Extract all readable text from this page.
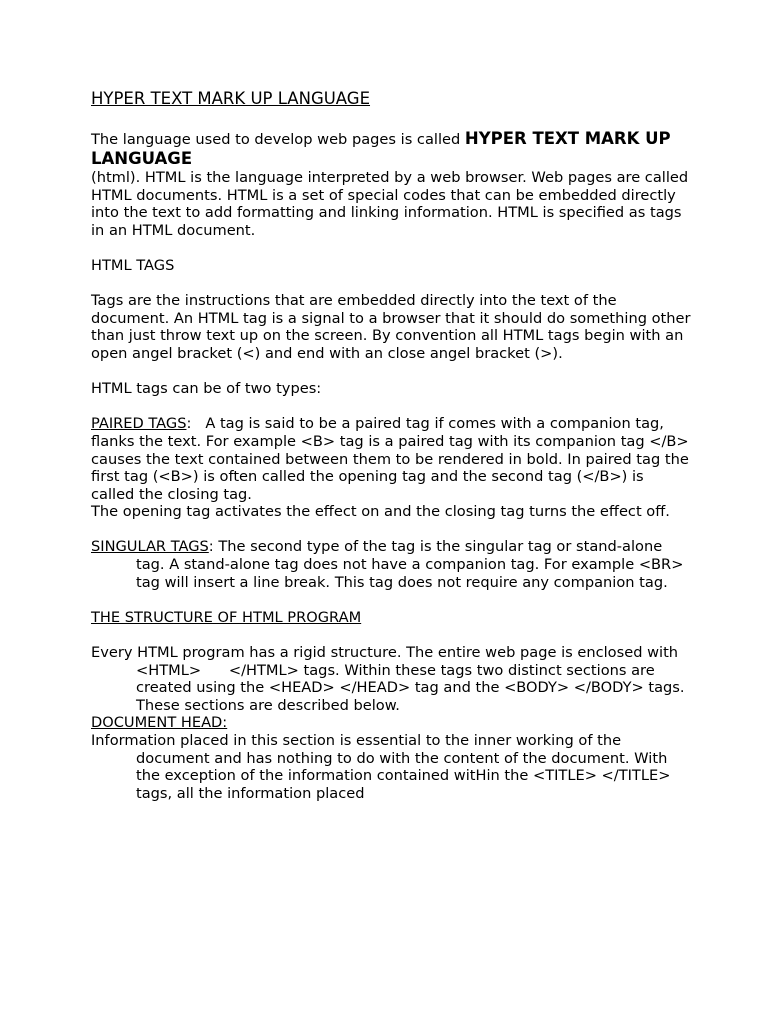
HYPER TEXT MARK UP LANGUAGE

The language used to develop web pages is called HYPER TEXT MARK UP LANGUAGE

(html). HTML is the language interpreted by a web browser. Web pages are called HTML documents. HTML is a set of special codes that can be embedded directly into the text to add formatting and linking information. HTML is specified as tags in an HTML document.

HTML TAGS

Tags are the instructions that are embedded directly into the text of the document. An HTML tag is a signal to a browser that it should do something other than just throw text up on the screen. By convention all HTML tags begin with an open angel bracket (<) and end with an close angel bracket (>).

HTML tags can be of two types:

PAIRED TAGS:   A tag is said to be a paired tag if comes with a companion tag, flanks the text. For example <B> tag is a paired tag with its companion tag </B> causes the text contained between them to be rendered in bold. In paired tag the first tag (<B>) is often called the opening tag and the second tag (</B>) is called the closing tag.

The opening tag activates the effect on and the closing tag turns the effect off.

SINGULAR TAGS: The second type of the tag is the singular tag or stand-alone tag. A stand-alone tag does not have a companion tag. For example <BR> tag will insert a line break. This tag does not require any companion tag.

THE STRUCTURE OF HTML PROGRAM

Every HTML program has a rigid structure. The entire web page is enclosed with <HTML>      </HTML> tags. Within these tags two distinct sections are created using the <HEAD> </HEAD> tag and the <BODY> </BODY> tags. These sections are described below.

DOCUMENT HEAD:

Information placed in this section is essential to the inner working of the document and has nothing to do with the content of the document. With the exception of the information contained witHin the <TITLE> </TITLE> tags, all the information placed
